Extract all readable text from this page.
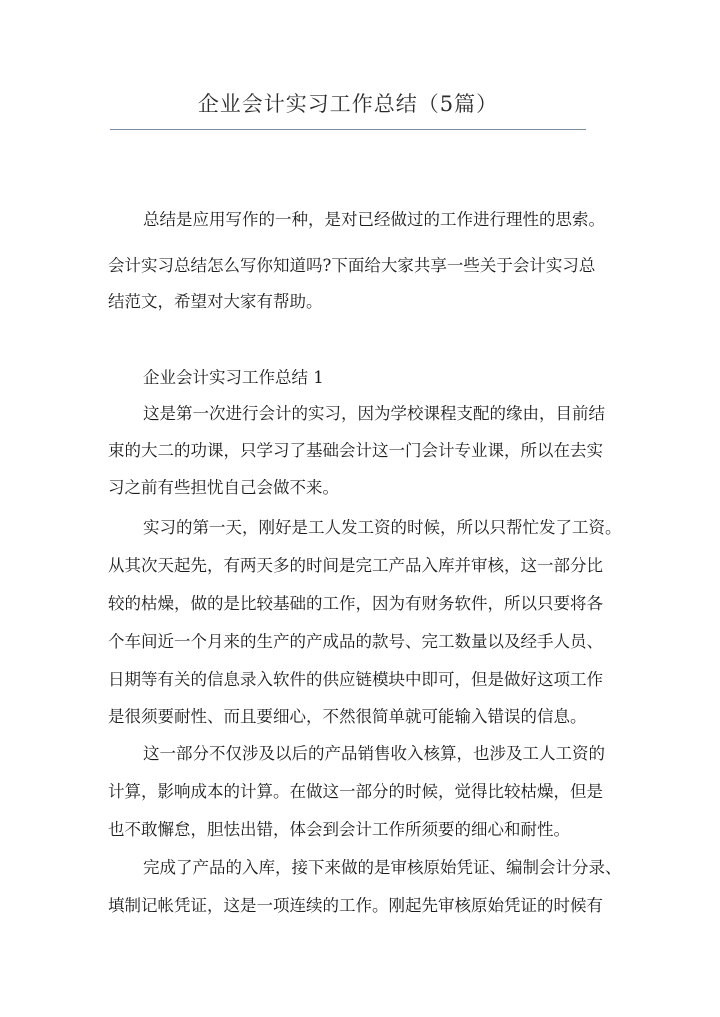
企业会计实习工作总结（5篇）
总结是应用写作的一种，是对已经做过的工作进行理性的思索。
会计实习总结怎么写你知道吗?下面给大家共享一些关于会计实习总
结范文，希望对大家有帮助。
企业会计实习工作总结 1
这是第一次进行会计的实习，因为学校课程支配的缘由，目前结
束的大二的功课，只学习了基础会计这一门会计专业课，所以在去实
习之前有些担忧自己会做不来。
实习的第一天，刚好是工人发工资的时候，所以只帮忙发了工资。
从其次天起先，有两天多的时间是完工产品入库并审核，这一部分比
较的枯燥，做的是比较基础的工作，因为有财务软件，所以只要将各
个车间近一个月来的生产的产成品的款号、完工数量以及经手人员、
日期等有关的信息录入软件的供应链模块中即可，但是做好这项工作
是很须要耐性、而且要细心，不然很简单就可能输入错误的信息。
这一部分不仅涉及以后的产品销售收入核算，也涉及工人工资的
计算，影响成本的计算。在做这一部分的时候，觉得比较枯燥，但是
也不敢懈怠，胆怯出错，体会到会计工作所须要的细心和耐性。
完成了产品的入库，接下来做的是审核原始凭证、编制会计分录、
填制记帐凭证，这是一项连续的工作。刚起先审核原始凭证的时候有
